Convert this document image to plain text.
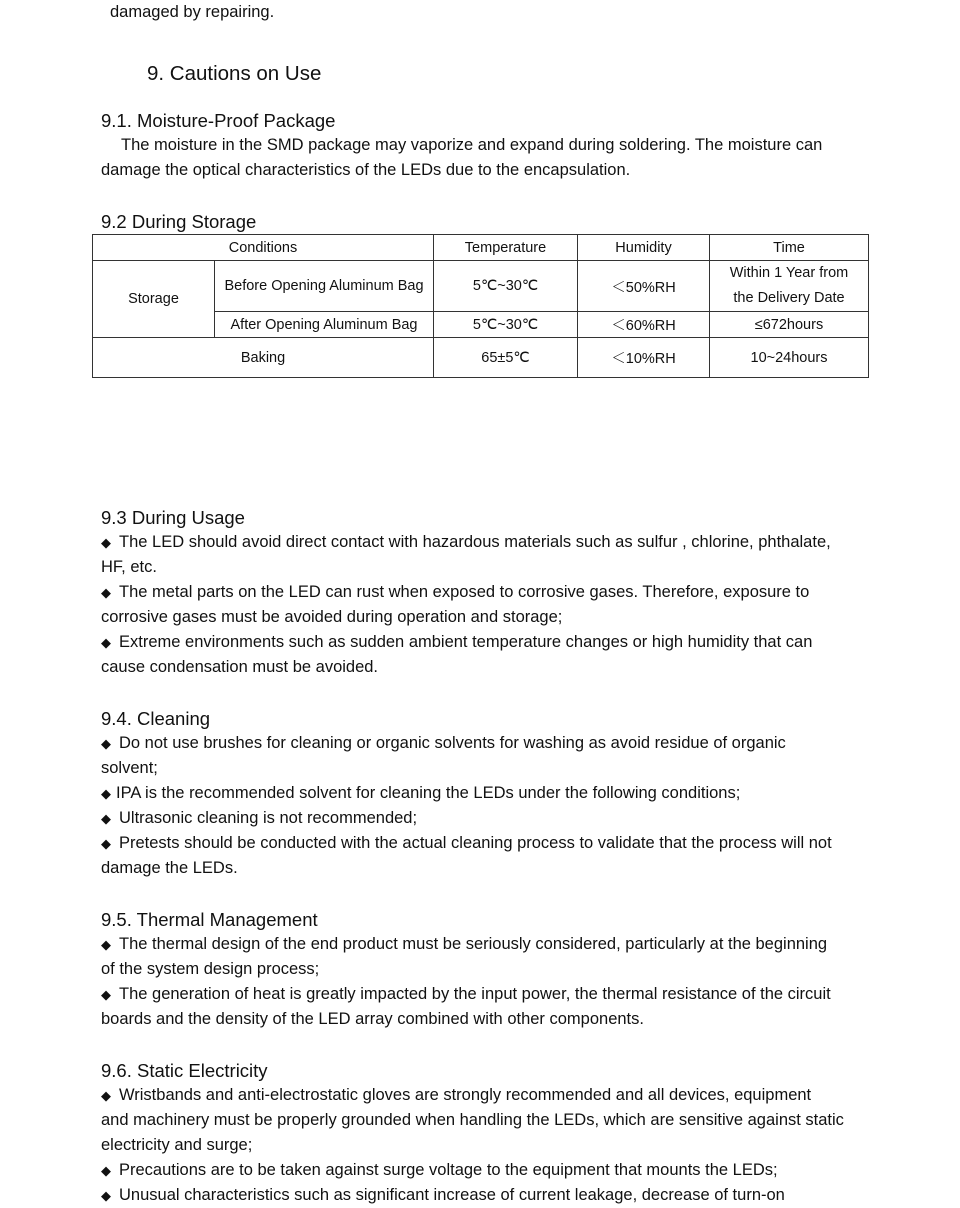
damaged by repairing.

9. Cautions on Use
9.1. Moisture-Proof Package

The moisture in the SMD package may vaporize and expand during soldering. The moisture can

damage the optical characteristics of the LEDs due to the encapsulation.

9.2 During Storage
Conditions		Temperature	Humidity	Time
Storage	Before Opening Aluminum Bag	5℃~30℃	＜50%RH	Within 1 Year from
the Delivery Date

	After Opening Aluminum Bag	5℃~30℃	＜60%RH	≤672hours
Baking		65±5℃	＜10%RH	10~24hours
9.3 During Usage

◆ The LED should avoid direct contact with hazardous materials such as sulfur , chlorine, phthalate,

HF, etc.

◆ The metal parts on the LED can rust when exposed to corrosive gases. Therefore, exposure to

corrosive gases must be avoided during operation and storage;

◆ Extreme environments such as sudden ambient temperature changes or high humidity that can

cause condensation must be avoided.

9.4. Cleaning

◆ Do not use brushes for cleaning or organic solvents for washing as avoid residue of organic

solvent;

◆ IPA is the recommended solvent for cleaning the LEDs under the following conditions;

◆ Ultrasonic cleaning is not recommended;

◆ Pretests should be conducted with the actual cleaning process to validate that the process will not

damage the LEDs.

9.5. Thermal Management

◆ The thermal design of the end product must be seriously considered, particularly at the beginning

of the system design process;

◆ The generation of heat is greatly impacted by the input power, the thermal resistance of the circuit

boards and the density of the LED array combined with other components.

9.6. Static Electricity

◆ Wristbands and anti-electrostatic gloves are strongly recommended and all devices, equipment

and machinery must be properly grounded when handling the LEDs, which are sensitive against static

electricity and surge;

◆ Precautions are to be taken against surge voltage to the equipment that mounts the LEDs;

◆ Unusual characteristics such as significant increase of current leakage, decrease of turn-on
